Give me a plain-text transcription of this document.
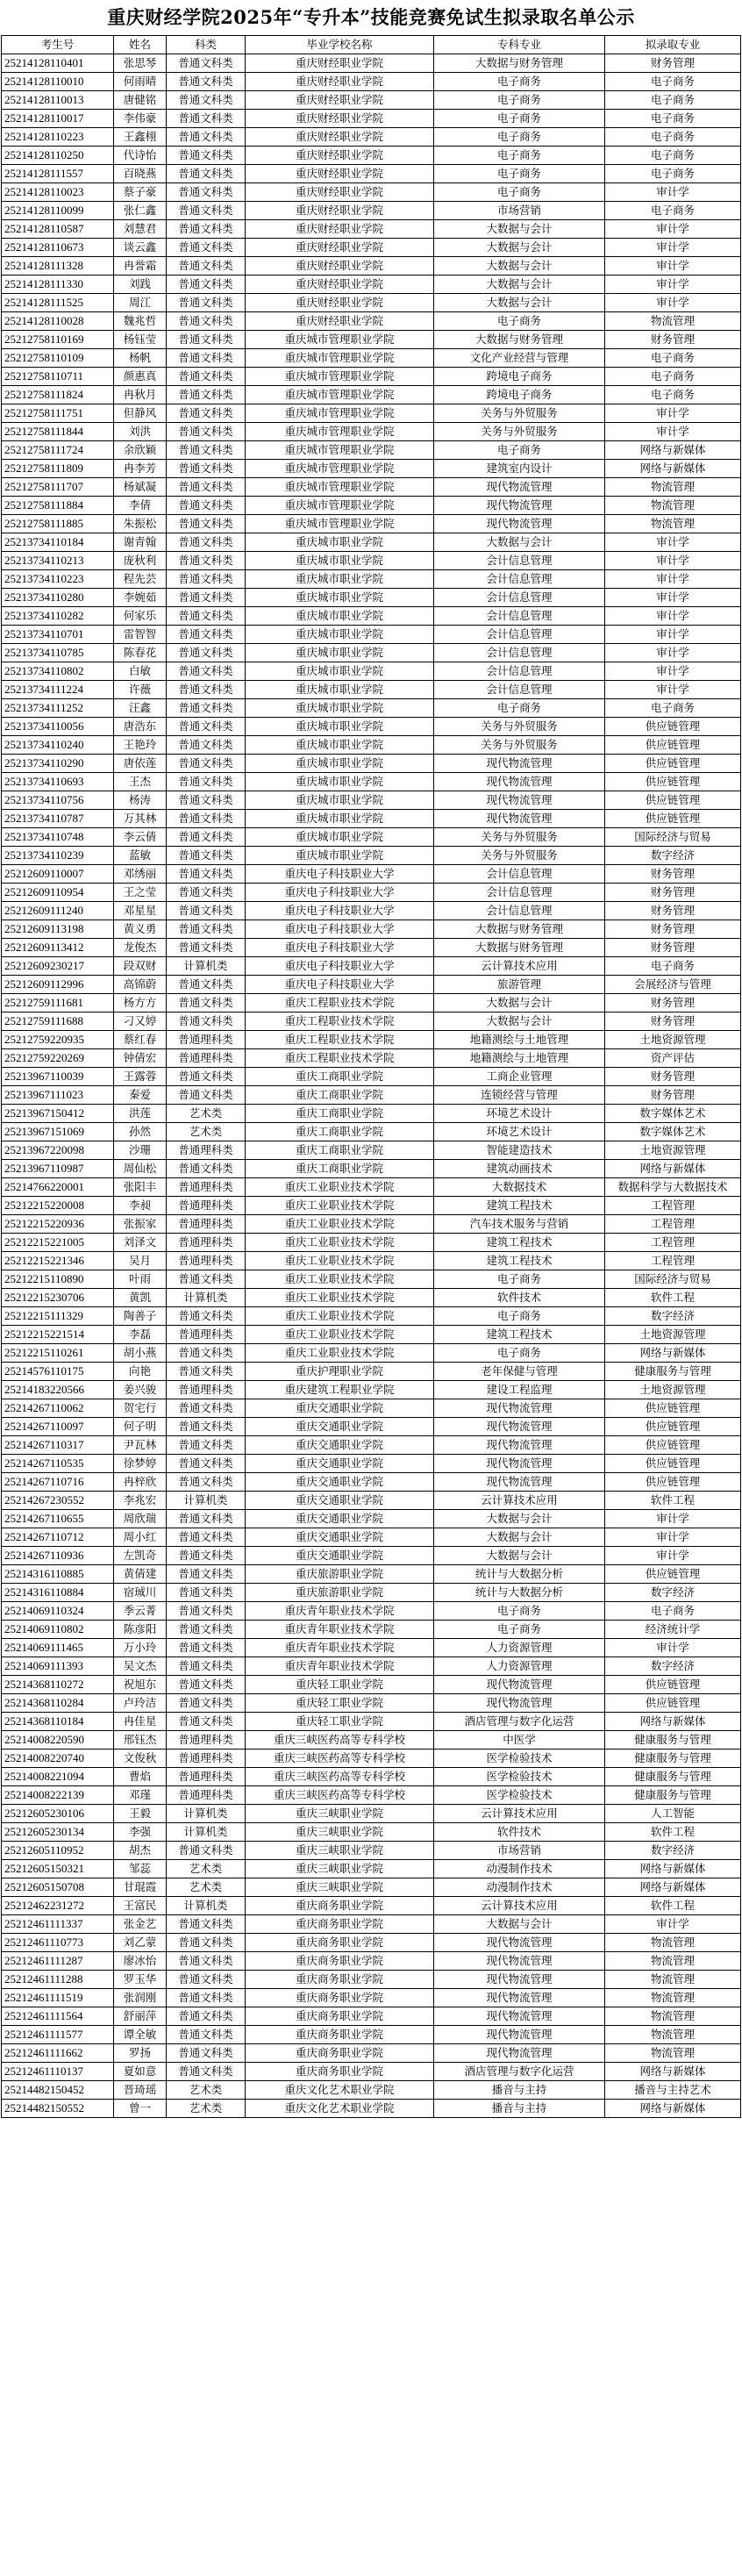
重庆财经学院2025年“专升本”技能竞赛免试生拟录取名单公示
考生号	姓名	科类	毕业学校名称	专科专业	拟录取专业
25214128110401	张思琴	普通文科类	重庆财经职业学院	大数据与财务管理	财务管理
25214128110010	何雨晴	普通文科类	重庆财经职业学院	电子商务	电子商务
25214128110013	唐健铭	普通文科类	重庆财经职业学院	电子商务	电子商务
25214128110017	李伟豪	普通文科类	重庆财经职业学院	电子商务	电子商务
25214128110223	王鑫栩	普通文科类	重庆财经职业学院	电子商务	电子商务
25214128110250	代诗怡	普通文科类	重庆财经职业学院	电子商务	电子商务
25214128111557	百晓燕	普通文科类	重庆财经职业学院	电子商务	电子商务
25214128110023	蔡子豪	普通文科类	重庆财经职业学院	电子商务	审计学
25214128110099	张仁鑫	普通文科类	重庆财经职业学院	市场营销	电子商务
25214128110587	刘慧君	普通文科类	重庆财经职业学院	大数据与会计	审计学
25214128110673	谈云鑫	普通文科类	重庆财经职业学院	大数据与会计	审计学
25214128111328	冉誉霜	普通文科类	重庆财经职业学院	大数据与会计	审计学
25214128111330	刘践	普通文科类	重庆财经职业学院	大数据与会计	审计学
25214128111525	周江	普通文科类	重庆财经职业学院	大数据与会计	审计学
25214128110028	魏兆哲	普通文科类	重庆财经职业学院	电子商务	物流管理
25212758110169	杨钰莹	普通文科类	重庆城市管理职业学院	大数据与财务管理	财务管理
25212758110109	杨帆	普通文科类	重庆城市管理职业学院	文化产业经营与管理	电子商务
25212758110711	颜惠真	普通文科类	重庆城市管理职业学院	跨境电子商务	电子商务
25212758111824	冉秋月	普通文科类	重庆城市管理职业学院	跨境电子商务	电子商务
25212758111751	但静风	普通文科类	重庆城市管理职业学院	关务与外贸服务	审计学
25212758111844	刘洪	普通文科类	重庆城市管理职业学院	关务与外贸服务	审计学
25212758111724	余欣颖	普通文科类	重庆城市管理职业学院	电子商务	网络与新媒体
25212758111809	冉李芳	普通文科类	重庆城市管理职业学院	建筑室内设计	网络与新媒体
25212758111707	杨斌凝	普通文科类	重庆城市管理职业学院	现代物流管理	物流管理
25212758111884	李倩	普通文科类	重庆城市管理职业学院	现代物流管理	物流管理
25212758111885	朱振松	普通文科类	重庆城市管理职业学院	现代物流管理	物流管理
25213734110184	谢青翰	普通文科类	重庆城市职业学院	大数据与会计	审计学
25213734110213	庞秋利	普通文科类	重庆城市职业学院	会计信息管理	审计学
25213734110223	程先芸	普通文科类	重庆城市职业学院	会计信息管理	审计学
25213734110280	李婉茹	普通文科类	重庆城市职业学院	会计信息管理	审计学
25213734110282	何家乐	普通文科类	重庆城市职业学院	会计信息管理	审计学
25213734110701	雷智智	普通文科类	重庆城市职业学院	会计信息管理	审计学
25213734110785	陈春花	普通文科类	重庆城市职业学院	会计信息管理	审计学
25213734110802	白敏	普通文科类	重庆城市职业学院	会计信息管理	审计学
25213734111224	许薇	普通文科类	重庆城市职业学院	会计信息管理	审计学
25213734111252	汪鑫	普通文科类	重庆城市职业学院	电子商务	电子商务
25213734110056	唐浩东	普通文科类	重庆城市职业学院	关务与外贸服务	供应链管理
25213734110240	王艳玲	普通文科类	重庆城市职业学院	关务与外贸服务	供应链管理
25213734110290	唐依莲	普通文科类	重庆城市职业学院	现代物流管理	供应链管理
25213734110693	王杰	普通文科类	重庆城市职业学院	现代物流管理	供应链管理
25213734110756	杨涛	普通文科类	重庆城市职业学院	现代物流管理	供应链管理
25213734110787	万其林	普通文科类	重庆城市职业学院	现代物流管理	供应链管理
25213734110748	李云倩	普通文科类	重庆城市职业学院	关务与外贸服务	国际经济与贸易
25213734110239	蓝敏	普通文科类	重庆城市职业学院	关务与外贸服务	数字经济
25212609110007	邓绣丽	普通文科类	重庆电子科技职业大学	会计信息管理	财务管理
25212609110954	王之莹	普通文科类	重庆电子科技职业大学	会计信息管理	财务管理
25212609111240	邓星星	普通文科类	重庆电子科技职业大学	会计信息管理	财务管理
25212609113198	黄义勇	普通文科类	重庆电子科技职业大学	大数据与财务管理	财务管理
25212609113412	龙俊杰	普通文科类	重庆电子科技职业大学	大数据与财务管理	财务管理
25212609230217	段双财	计算机类	重庆电子科技职业大学	云计算技术应用	电子商务
25212609112996	高锦蔚	普通文科类	重庆电子科技职业大学	旅游管理	会展经济与管理
25212759111681	杨方方	普通文科类	重庆工程职业技术学院	大数据与会计	财务管理
25212759111688	刁又婷	普通文科类	重庆工程职业技术学院	大数据与会计	财务管理
25212759220935	蔡红春	普通理科类	重庆工程职业技术学院	地籍测绘与土地管理	土地资源管理
25212759220269	钟倩宏	普通理科类	重庆工程职业技术学院	地籍测绘与土地管理	资产评估
25213967110039	王露蓉	普通文科类	重庆工商职业学院	工商企业管理	财务管理
25213967111023	秦爱	普通文科类	重庆工商职业学院	连锁经营与管理	财务管理
25213967150412	洪莲	艺术类	重庆工商职业学院	环境艺术设计	数字媒体艺术
25213967151069	孙然	艺术类	重庆工商职业学院	环境艺术设计	数字媒体艺术
25213967220098	沙珊	普通理科类	重庆工商职业学院	智能建造技术	土地资源管理
25213967110987	周仙松	普通文科类	重庆工商职业学院	建筑动画技术	网络与新媒体
25214766220001	张阳丰	普通理科类	重庆工业职业技术学院	大数据技术	数据科学与大数据技术
25212215220008	李昶	普通理科类	重庆工业职业技术学院	建筑工程技术	工程管理
25212215220936	张振家	普通理科类	重庆工业职业技术学院	汽车技术服务与营销	工程管理
25212215221005	刘泽文	普通理科类	重庆工业职业技术学院	建筑工程技术	工程管理
25212215221346	吴月	普通理科类	重庆工业职业技术学院	建筑工程技术	工程管理
25212215110890	叶雨	普通文科类	重庆工业职业技术学院	电子商务	国际经济与贸易
25212215230706	黄凯	计算机类	重庆工业职业技术学院	软件技术	软件工程
25212215111329	陶善子	普通文科类	重庆工业职业技术学院	电子商务	数字经济
25212215221514	李磊	普通理科类	重庆工业职业技术学院	建筑工程技术	土地资源管理
25212215110261	胡小燕	普通文科类	重庆工业职业技术学院	电子商务	网络与新媒体
25214576110175	向艳	普通文科类	重庆护理职业学院	老年保健与管理	健康服务与管理
25214183220566	姜兴骏	普通理科类	重庆建筑工程职业学院	建设工程监理	土地资源管理
25214267110062	贺宅行	普通文科类	重庆交通职业学院	现代物流管理	供应链管理
25214267110097	何子明	普通文科类	重庆交通职业学院	现代物流管理	供应链管理
25214267110317	尹瓦林	普通文科类	重庆交通职业学院	现代物流管理	供应链管理
25214267110535	徐梦婷	普通文科类	重庆交通职业学院	现代物流管理	供应链管理
25214267110716	冉梓欣	普通文科类	重庆交通职业学院	现代物流管理	供应链管理
25214267230552	李兆宏	计算机类	重庆交通职业学院	云计算技术应用	软件工程
25214267110655	周欣瑞	普通文科类	重庆交通职业学院	大数据与会计	审计学
25214267110712	周小红	普通文科类	重庆交通职业学院	大数据与会计	审计学
25214267110936	左凯奇	普通文科类	重庆交通职业学院	大数据与会计	审计学
25214316110885	黄倩建	普通文科类	重庆旅游职业学院	统计与大数据分析	供应链管理
25214316110884	宿珹川	普通文科类	重庆旅游职业学院	统计与大数据分析	数字经济
25214069110324	季云菁	普通文科类	重庆青年职业技术学院	电子商务	电子商务
25214069110802	陈彦阳	普通文科类	重庆青年职业技术学院	电子商务	经济统计学
25214069111465	万小玲	普通文科类	重庆青年职业技术学院	人力资源管理	审计学
25214069111393	吴文杰	普通文科类	重庆青年职业技术学院	人力资源管理	数字经济
25214368110272	祝旭东	普通文科类	重庆轻工职业学院	现代物流管理	供应链管理
25214368110284	卢玲洁	普通文科类	重庆轻工职业学院	现代物流管理	供应链管理
25214368110184	冉佳星	普通文科类	重庆轻工职业学院	酒店管理与数字化运营	网络与新媒体
25214008220590	邢钰杰	普通理科类	重庆三峡医药高等专科学校	中医学	健康服务与管理
25214008220740	文俊秋	普通理科类	重庆三峡医药高等专科学校	医学检验技术	健康服务与管理
25214008221094	曹焰	普通理科类	重庆三峡医药高等专科学校	医学检验技术	健康服务与管理
25214008222139	邓瑾	普通理科类	重庆三峡医药高等专科学校	医学检验技术	健康服务与管理
25212605230106	王毅	计算机类	重庆三峡职业学院	云计算技术应用	人工智能
25212605230134	李强	计算机类	重庆三峡职业学院	软件技术	软件工程
25212605110952	胡杰	普通文科类	重庆三峡职业学院	市场营销	数字经济
25212605150321	邹蕊	艺术类	重庆三峡职业学院	动漫制作技术	网络与新媒体
25212605150708	甘琨霞	艺术类	重庆三峡职业学院	动漫制作技术	网络与新媒体
25212462231272	王富民	计算机类	重庆商务职业学院	云计算技术应用	软件工程
25212461111337	张金艺	普通文科类	重庆商务职业学院	大数据与会计	审计学
25212461110773	刘乙蒙	普通文科类	重庆商务职业学院	现代物流管理	物流管理
25212461111287	廖冰怡	普通文科类	重庆商务职业学院	现代物流管理	物流管理
25212461111288	罗玉华	普通文科类	重庆商务职业学院	现代物流管理	物流管理
25212461111519	张润刚	普通文科类	重庆商务职业学院	现代物流管理	物流管理
25212461111564	舒丽萍	普通文科类	重庆商务职业学院	现代物流管理	物流管理
25212461111577	谭全敏	普通文科类	重庆商务职业学院	现代物流管理	物流管理
25212461111662	罗扬	普通文科类	重庆商务职业学院	现代物流管理	物流管理
25212461110137	夏如意	普通文科类	重庆商务职业学院	酒店管理与数字化运营	网络与新媒体
25214482150452	晋琦瑶	艺术类	重庆文化艺术职业学院	播音与主持	播音与主持艺术
25214482150552	曾一	艺术类	重庆文化艺术职业学院	播音与主持	网络与新媒体
